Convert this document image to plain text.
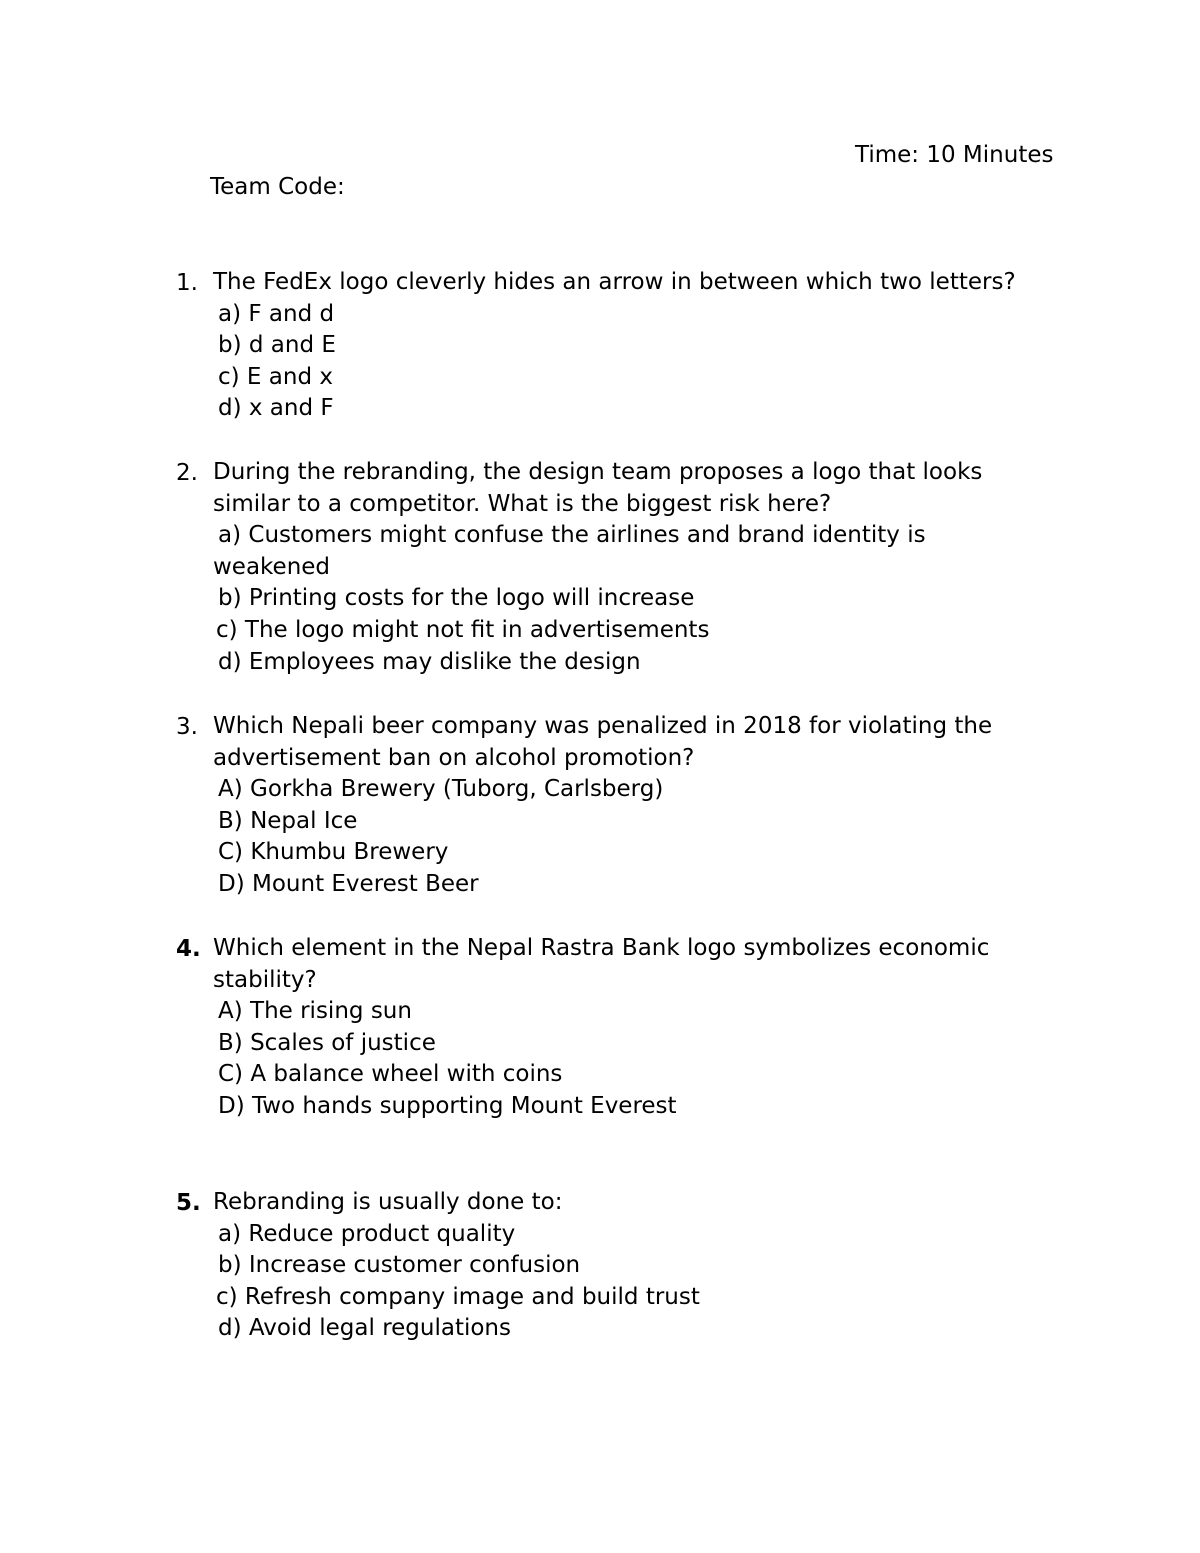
Time: 10 Minutes
Team Code:
1. The FedEx logo cleverly hides an arrow in between which two letters?
a) F and d
b) d and E
c) E and x
d) x and F
2. During the rebranding, the design team proposes a logo that looks
similar to a competitor. What is the biggest risk here?
a) Customers might confuse the airlines and brand identity is weakened
b) Printing costs for the logo will increase
c) The logo might not fit in advertisements
d) Employees may dislike the design
3. Which Nepali beer company was penalized in 2018 for violating the
advertisement ban on alcohol promotion?
A) Gorkha Brewery (Tuborg, Carlsberg)
B) Nepal Ice
C) Khumbu Brewery
D) Mount Everest Beer
4. Which element in the Nepal Rastra Bank logo symbolizes economic
stability?
A) The rising sun
B) Scales of justice
C) A balance wheel with coins
D) Two hands supporting Mount Everest
5. Rebranding is usually done to:
a) Reduce product quality
b) Increase customer confusion
c) Refresh company image and build trust
d) Avoid legal regulations
